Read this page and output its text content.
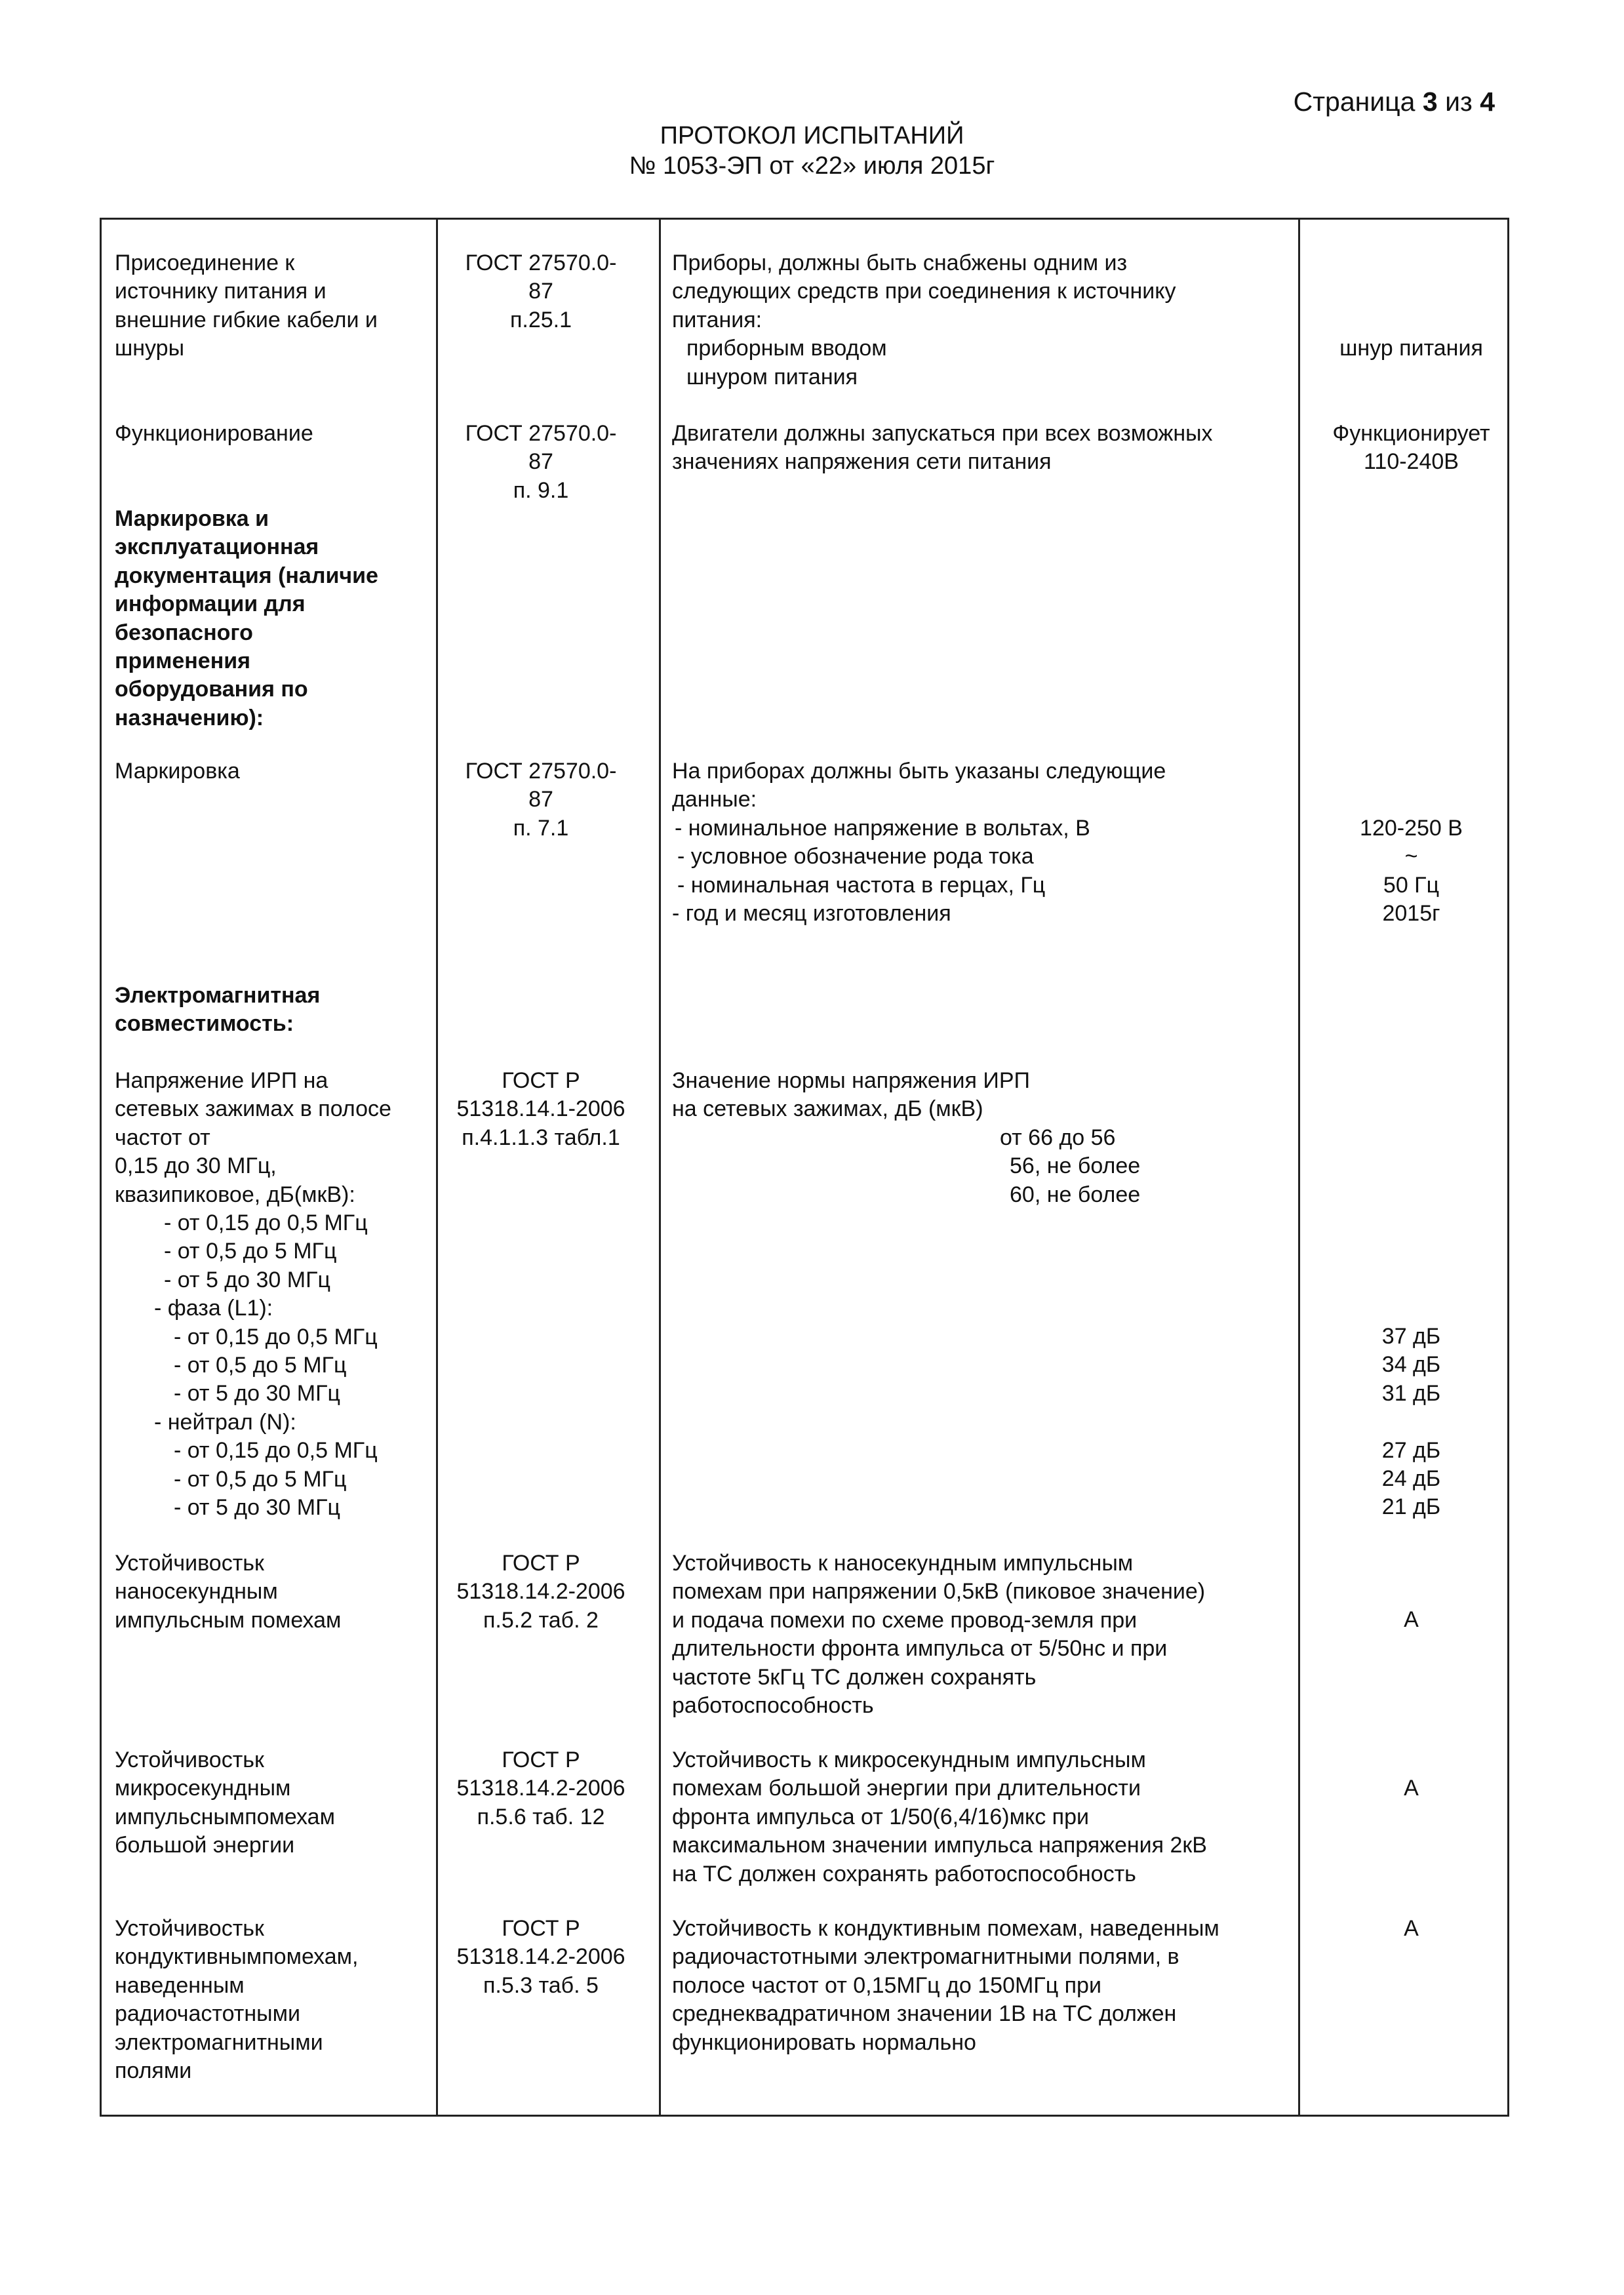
Страница 3 из 4
ПРОТОКОЛ ИСПЫТАНИЙ
№ 1053-ЭП от «22» июля 2015г
Присоединение к
источнику питания и
внешние гибкие кабели и
шнуры
ГОСТ 27570.0-
87
п.25.1
Приборы, должны быть снабжены одним из
следующих средств при соединения к источнику
питания:
приборным вводом
шнуром питания
шнур питания
Функционирование	ГОСТ 27570.0-
87
п. 9.1
Двигатели должны запускаться при всех возможных
значениях напряжения сети питания
Функционирует
110-240В
Маркировка и
эксплуатационная
документация (наличие
информации для
безопасного
применения
оборудования по
назначению):
Маркировка	ГОСТ 27570.0-
87
п. 7.1
На приборах должны быть указаны следующие
данные:
- номинальное напряжение в вольтах, В
- условное обозначение рода тока
- номинальная частота в герцах, Гц
- год и месяц изготовления
120-250 В
~
50 Гц
2015г
Электромагнитная
совместимость:
Напряжение ИРП на
сетевых зажимах в полосе
частот от
0,15 до 30 МГц,
квазипиковое, дБ(мкВ):
- от 0,15 до 0,5 МГц
- от 0,5 до 5 МГц
- от 5 до 30 МГц
- фаза (L1):
- от 0,15 до 0,5 МГц
- от 0,5 до 5 МГц
- от 5 до 30 МГц
- нейтрал (N):
- от 0,15 до 0,5 МГц
- от 0,5 до 5 МГц
- от 5 до 30 МГц
ГОСТ Р
51318.14.1-2006
п.4.1.1.3 табл.1
Значение нормы напряжения ИРП
на сетевых зажимах, дБ (мкВ)
от 66 до 56
56, не более
60, не более
37 дБ
34 дБ
31 дБ
27 дБ
24 дБ
21 дБ
Устойчивостьк
наносекундным
импульсным помехам
ГОСТ Р
51318.14.2-2006
п.5.2 таб. 2
Устойчивость к наносекундным импульсным
помехам при напряжении 0,5кВ (пиковое значение)
и подача помехи по схеме провод-земля при
длительности фронта импульса от 5/50нс и при
частоте 5кГц ТС должен сохранять
работоспособность
А
Устойчивостьк
микросекундным
импульснымпомехам
большой энергии
ГОСТ Р
51318.14.2-2006
п.5.6 таб. 12
Устойчивость к микросекундным импульсным
помехам большой энергии при длительности
фронта импульса от 1/50(6,4/16)мкс при
максимальном значении импульса напряжения 2кВ
на ТС должен сохранять работоспособность
А
Устойчивостьк
кондуктивнымпомехам,
наведенным
радиочастотными
электромагнитными
полями
ГОСТ Р
51318.14.2-2006
п.5.3 таб. 5
Устойчивость к кондуктивным помехам, наведенным
радиочастотными электромагнитными полями, в
полосе частот от 0,15МГц до 150МГц при
среднеквадратичном значении 1В на ТС должен
функционировать нормально
А
